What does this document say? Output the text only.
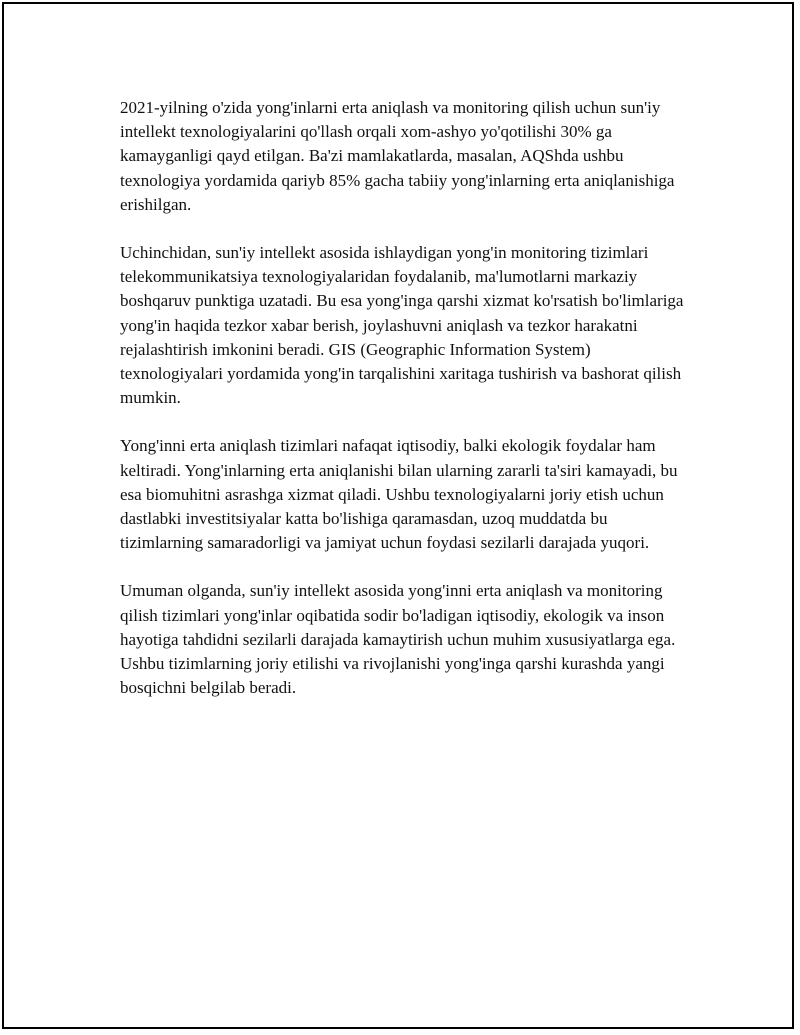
2021-yilning o'zida yong'inlarni erta aniqlash va monitoring qilish uchun sun'iy intellekt texnologiyalarini qo'llash orqali xom-ashyo yo'qotilishi 30% ga kamayganligi qayd etilgan. Ba'zi mamlakatlarda, masalan, AQShda ushbu texnologiya yordamida qariyb 85% gacha tabiiy yong'inlarning erta aniqlanishiga erishilgan.

Uchinchidan, sun'iy intellekt asosida ishlaydigan yong'in monitoring tizimlari telekommunikatsiya texnologiyalaridan foydalanib, ma'lumotlarni markaziy boshqaruv punktiga uzatadi. Bu esa yong'inga qarshi xizmat ko'rsatish bo'limlariga yong'in haqida tezkor xabar berish, joylashuvni aniqlash va tezkor harakatni rejalashtirish imkonini beradi. GIS (Geographic Information System) texnologiyalari yordamida yong'in tarqalishini xaritaga tushirish va bashorat qilish mumkin.

Yong'inni erta aniqlash tizimlari nafaqat iqtisodiy, balki ekologik foydalar ham keltiradi. Yong'inlarning erta aniqlanishi bilan ularning zararli ta'siri kamayadi, bu esa biomuhitni asrashga xizmat qiladi. Ushbu texnologiyalarni joriy etish uchun dastlabki investitsiyalar katta bo'lishiga qaramasdan, uzoq muddatda bu tizimlarning samaradorligi va jamiyat uchun foydasi sezilarli darajada yuqori.

Umuman olganda, sun'iy intellekt asosida yong'inni erta aniqlash va monitoring qilish tizimlari yong'inlar oqibatida sodir bo'ladigan iqtisodiy, ekologik va inson hayotiga tahdidni sezilarli darajada kamaytirish uchun muhim xususiyatlarga ega. Ushbu tizimlarning joriy etilishi va rivojlanishi yong'inga qarshi kurashda yangi bosqichni belgilab beradi.
